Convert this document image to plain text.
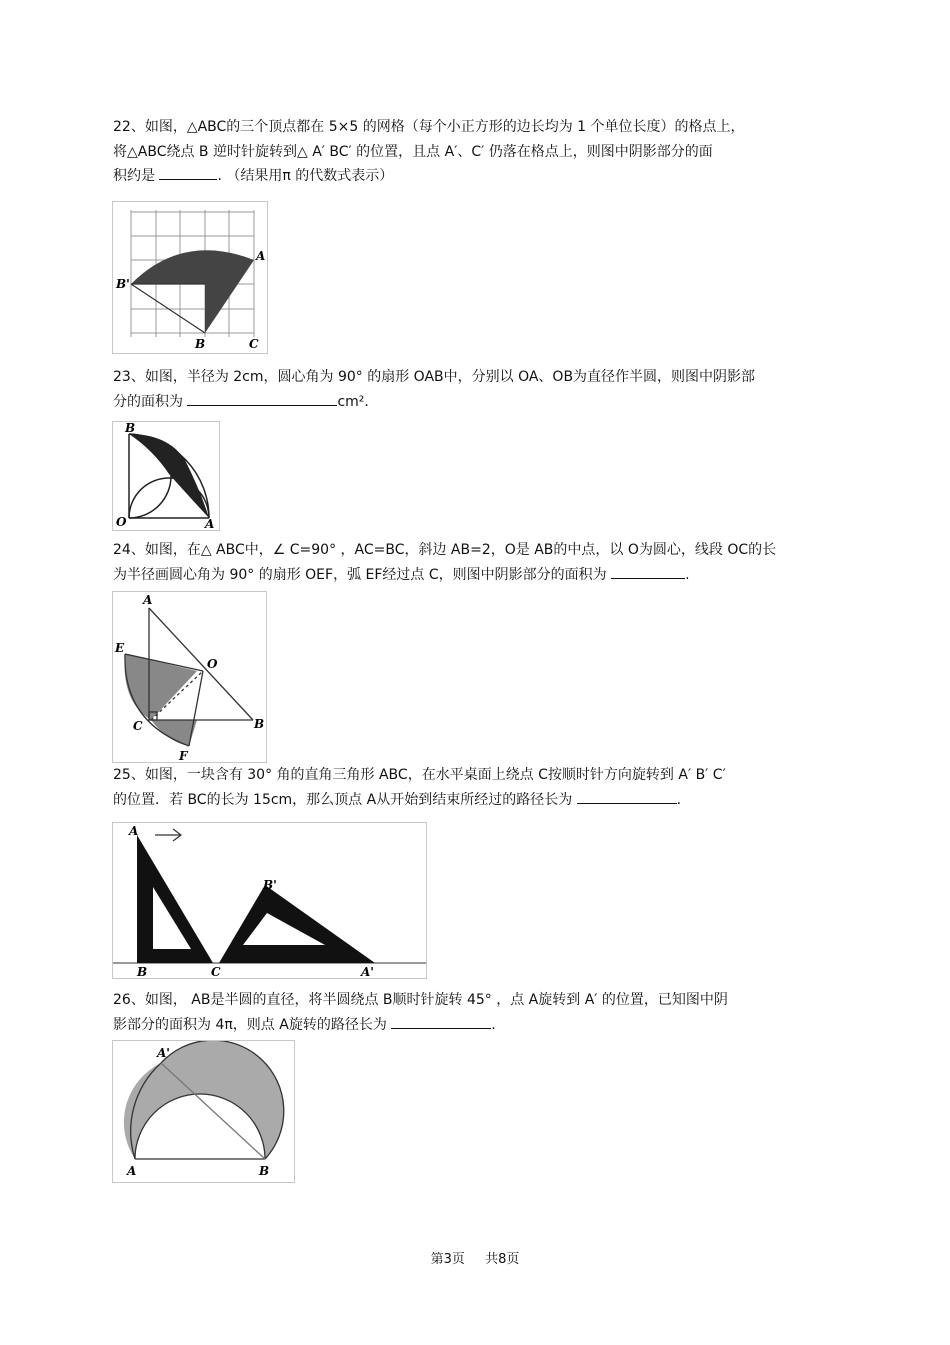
22、如图，△ABC的三个顶点都在 5×5 的网格（每个小正方形的边长均为 1 个单位长度）的格点上，
将△ABC绕点 B 逆时针旋转到△ A′ BC′ 的位置，且点 A′、C′ 仍落在格点上，则图中阴影部分的面
积约是	. （结果用π 的代数式表示）
A
B'
C'
B	C
23、如图，半径为 2cm，圆心角为 90° 的扇形 OAB中，分别以 OA、OB为直径作半圆，则图中阴影部
分的面积为	cm²．
B
O	A
24、如图，在△ ABC中，∠ C=90° ，AC=BC，斜边 AB=2，O是 AB的中点，以 O为圆心，线段 OC的长
为半径画圆心角为 90° 的扇形 OEF，弧 EF经过点 C，则图中阴影部分的面积为	.
A
E
O
C	B
F
25、如图，一块含有 30° 角的直角三角形 ABC，在水平桌面上绕点 C按顺时针方向旋转到 A′ B′ C′
的位置．若 BC的长为 15cm，那么顶点 A从开始到结束所经过的路径长为	.
A
B	C
B'
A'
26、如图， AB是半圆的直径，将半圆绕点 B顺时针旋转 45° ，点 A旋转到 A′ 的位置，已知图中阴
影部分的面积为 4π，则点 A旋转的路径长为	.
A'
A	B
第3页 共8页
